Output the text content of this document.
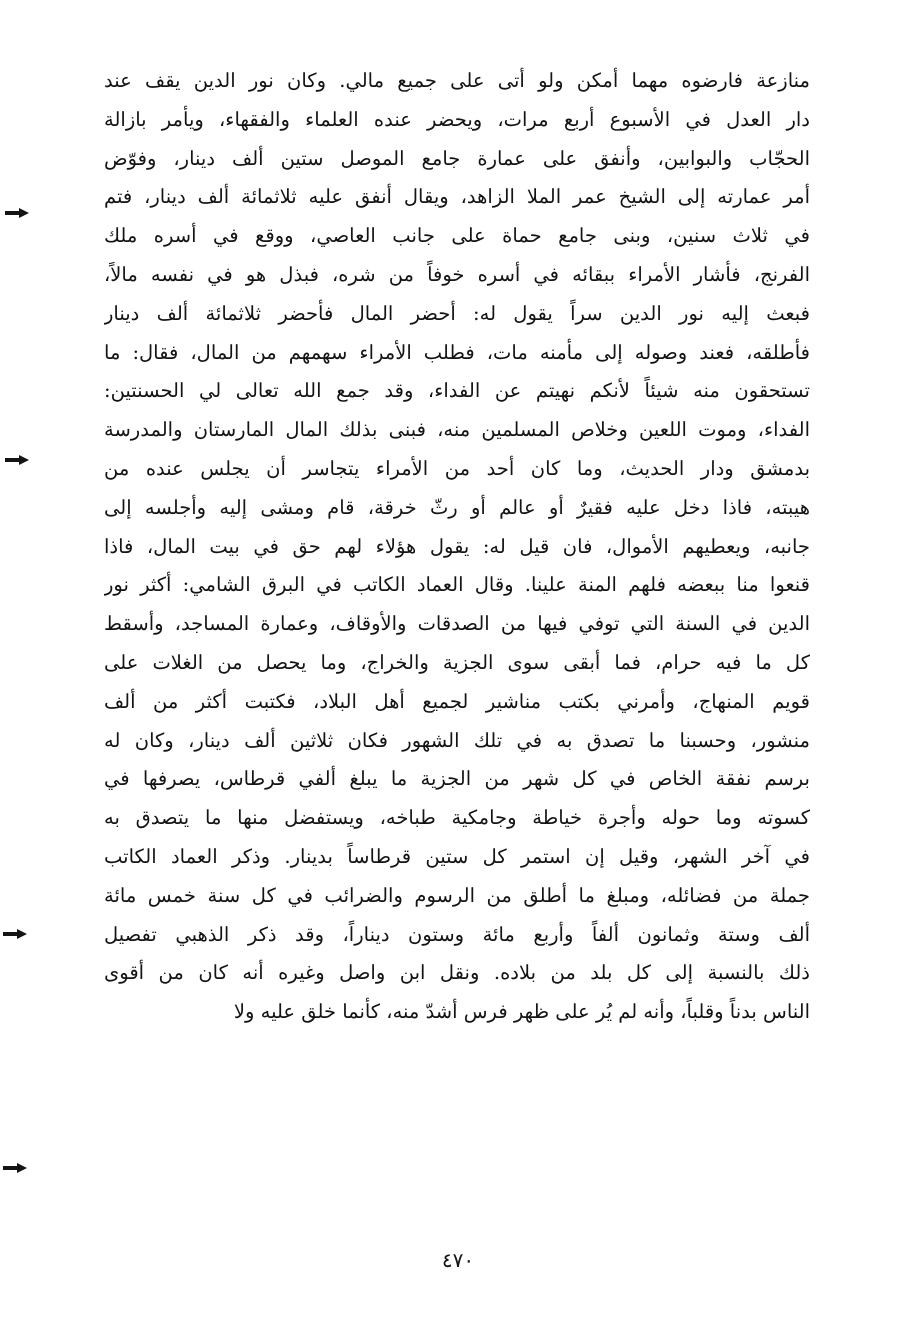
منازعة فارضوه مهما أمكن ولو أتى على جميع مالي. وكان نور الدين يقف عند
دار العدل في الأسبوع أربع مرات، ويحضر عنده العلماء والفقهاء، ويأمر بازالة
الحجّاب والبوابين، وأنفق على عمارة جامع الموصل ستين ألف دينار، وفوّض
أمر عمارته إلى الشيخ عمر الملا الزاهد، ويقال أنفق عليه ثلاثمائة ألف دينار، فتم
في ثلاث سنين، وبنى جامع حماة على جانب العاصي، ووقع في أسره ملك
الفرنج، فأشار الأمراء ببقائه في أسره خوفاً من شره، فبذل هو في نفسه مالاً،
فبعث إليه نور الدين سراً يقول له: أحضر المال فأحضر ثلاثمائة ألف دينار
فأطلقه، فعند وصوله إلى مأمنه مات، فطلب الأمراء سهمهم من المال، فقال: ما
تستحقون منه شيئاً لأنكم نهيتم عن الفداء، وقد جمع الله تعالى لي الحسنتين:
الفداء، وموت اللعين وخلاص المسلمين منه، فبنى بذلك المال المارستان والمدرسة
بدمشق ودار الحديث، وما كان أحد من الأمراء يتجاسر أن يجلس عنده من
هيبته، فاذا دخل عليه فقيرٌ أو عالم أو رثّ خرقة، قام ومشى إليه وأجلسه إلى
جانبه، ويعطيهم الأموال، فان قيل له: يقول هؤلاء لهم حق في بيت المال، فاذا
قنعوا منا ببعضه فلهم المنة علينا. وقال العماد الكاتب في البرق الشامي: أكثر نور
الدين في السنة التي توفي فيها من الصدقات والأوقاف، وعمارة المساجد، وأسقط
كل ما فيه حرام، فما أبقى سوى الجزية والخراج، وما يحصل من الغلات على
قويم المنهاج، وأمرني بكتب مناشير لجميع أهل البلاد، فكتبت أكثر من ألف
منشور، وحسبنا ما تصدق به في تلك الشهور فكان ثلاثين ألف دينار، وكان له
برسم نفقة الخاص في كل شهر من الجزية ما يبلغ ألفي قرطاس، يصرفها في
كسوته وما حوله وأجرة خياطة وجامكية طباخه، ويستفضل منها ما يتصدق به
في آخر الشهر، وقيل إن استمر كل ستين قرطاساً بدينار. وذكر العماد الكاتب
جملة من فضائله، ومبلغ ما أطلق من الرسوم والضرائب في كل سنة خمس مائة
ألف وستة وثمانون ألفاً وأربع مائة وستون ديناراً، وقد ذكر الذهبي تفصيل
ذلك بالنسبة إلى كل بلد من بلاده. ونقل ابن واصل وغيره أنه كان من أقوى
الناس بدناً وقلباً، وأنه لم يُر على ظهر فرس أشدّ منه، كأنما خلق عليه ولا
٤٧٠
